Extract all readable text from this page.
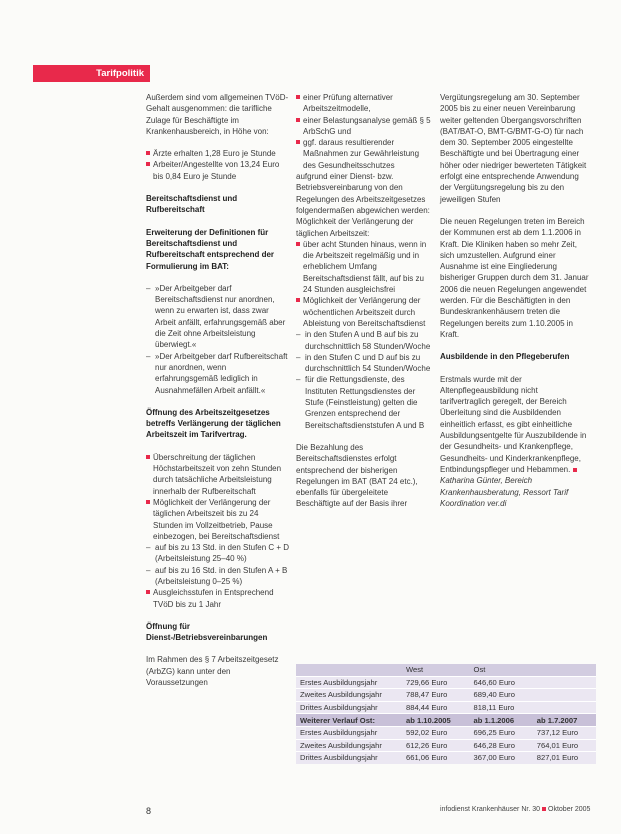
Tarifpolitik

Außerdem sind vom allgemeinen TVöD-Gehalt ausgenommen: die tarifliche Zulage für Beschäftigte im Krankenhausbereich, in Höhe von:

Ärzte erhalten 1,28 Euro je Stunde
Arbeiter/Angestellte von 13,24 Euro bis 0,84 Euro je Stunde
Bereitschaftsdienst und Rufbereitschaft
Erweiterung der Definitionen für Bereitschaftsdienst und Rufbereitschaft entsprechend der Formulierung im BAT:
– »Der Arbeitgeber darf Bereitschaftsdienst nur anordnen, wenn zu erwarten ist, dass zwar Arbeit anfällt, erfahrungsgemäß aber die Zeit ohne Arbeitsleistung überwiegt.«
– »Der Arbeitgeber darf Rufbereitschaft nur anordnen, wenn erfahrungsgemäß lediglich in Ausnahmefällen Arbeit anfällt.«
Öffnung des Arbeitszeitgesetzes betreffs Verlängerung der täglichen Arbeitszeit im Tarifvertrag.
Überschreitung der täglichen Höchstarbeitszeit von zehn Stunden durch tatsächliche Arbeitsleistung innerhalb der Rufbereitschaft
Möglichkeit der Verlängerung der täglichen Arbeitszeit bis zu 24 Stunden im Vollzeitbetrieb, Pause einbezogen, bei Bereitschaftsdienst
– auf bis zu 13 Std. in den Stufen C + D (Arbeitsleistung 25–40 %)
– auf bis zu 16 Std. in den Stufen A + B (Arbeitsleistung 0–25 %)
Ausgleichsstufen in Entsprechend TVöD bis zu 1 Jahr
Öffnung für Dienst-/Betriebsvereinbarungen

Im Rahmen des § 7 Arbeitszeitgesetz (ArbZG) kann unter den Voraussetzungen

einer Prüfung alternativer Arbeitszeitmodelle,
einer Belastungsanalyse gemäß § 5 ArbSchG und
ggf. daraus resultierender Maßnahmen zur Gewährleistung des Gesundheitsschutzes

aufgrund einer Dienst- bzw. Betriebsvereinbarung von den Regelungen des Arbeitszeitgesetzes folgendermaßen abgewichen werden:

Möglichkeit der Verlängerung der täglichen Arbeitszeit:

über acht Stunden hinaus, wenn in die Arbeitszeit regelmäßig und in erheblichem Umfang Bereitschaftsdienst fällt, auf bis zu 24 Stunden ausgleichsfrei
Möglichkeit der Verlängerung der wöchentlichen Arbeitszeit durch Ableistung von Bereitschaftsdienst
– in den Stufen A und B auf bis zu durchschnittlich 58 Stunden/Woche
– in den Stufen C und D auf bis zu durchschnittlich 54 Stunden/Woche
– für die Rettungsdienste, des Instituten Rettungsdienstes der Stufe (Feinstleistung) gelten die Grenzen entsprechend der Bereitschaftsdienststufen A und B

Die Bezahlung des Bereitschaftsdienstes erfolgt entsprechend der bisherigen Regelungen im BAT (BAT 24 etc.), ebenfalls für übergeleitete Beschäftigte auf der Basis ihrer

Vergütungsregelung am 30. September 2005 bis zu einer neuen Vereinbarung weiter geltenden Übergangsvorschriften (BAT/BAT-O, BMT-G/BMT-G-O) für nach dem 30. September 2005 eingestellte Beschäftigte und bei Übertragung einer höher oder niedriger bewerteten Tätigkeit erfolgt eine entsprechende Anwendung der Vergütungsregelung bis zu den jeweiligen Stufen

Die neuen Regelungen treten im Bereich der Kommunen erst ab dem 1.1.2006 in Kraft. Die Kliniken haben so mehr Zeit, sich umzustellen. Aufgrund einer Ausnahme ist eine Eingliederung bisheriger Gruppen durch dem 31. Januar 2006 die neuen Regelungen angewendet werden. Für die Beschäftigten in den Bundeskrankenhäusern treten die Regelungen bereits zum 1.10.2005 in Kraft.

Ausbildende in den Pflegeberufen

Erstmals wurde mit der Altenpflegeausbildung nicht tarifvertraglich geregelt, der Bereich Überleitung sind die Ausbildenden einheitlich erfasst, es gibt einheitliche Ausbildungsentgelte für Auszubildende in der Gesundheits- und Krankenpflege, Gesundheits- und Kinderkrankenpflege, Entbindungspfleger und Hebammen.

Katharina Günter, Bereich Krankenhausberatung, Ressort Tarif Koordination ver.di

	West	Ost	
Erstes Ausbildungsjahr	729,66 Euro	646,60 Euro	
Zweites Ausbildungsjahr	788,47 Euro	689,40 Euro	
Drittes Ausbildungsjahr	884,44 Euro	818,11 Euro	
Weiterer Verlauf Ost:	ab 1.10.2005	ab 1.1.2006	ab 1.7.2007
Erstes Ausbildungsjahr	592,02 Euro	696,25 Euro	737,12 Euro
Zweites Ausbildungsjahr	612,26 Euro	646,28 Euro	764,01 Euro
Drittes Ausbildungsjahr	661,06 Euro	367,00 Euro	827,01 Euro
8	infodienst Krankenhäuser Nr. 30 Oktober 2005
